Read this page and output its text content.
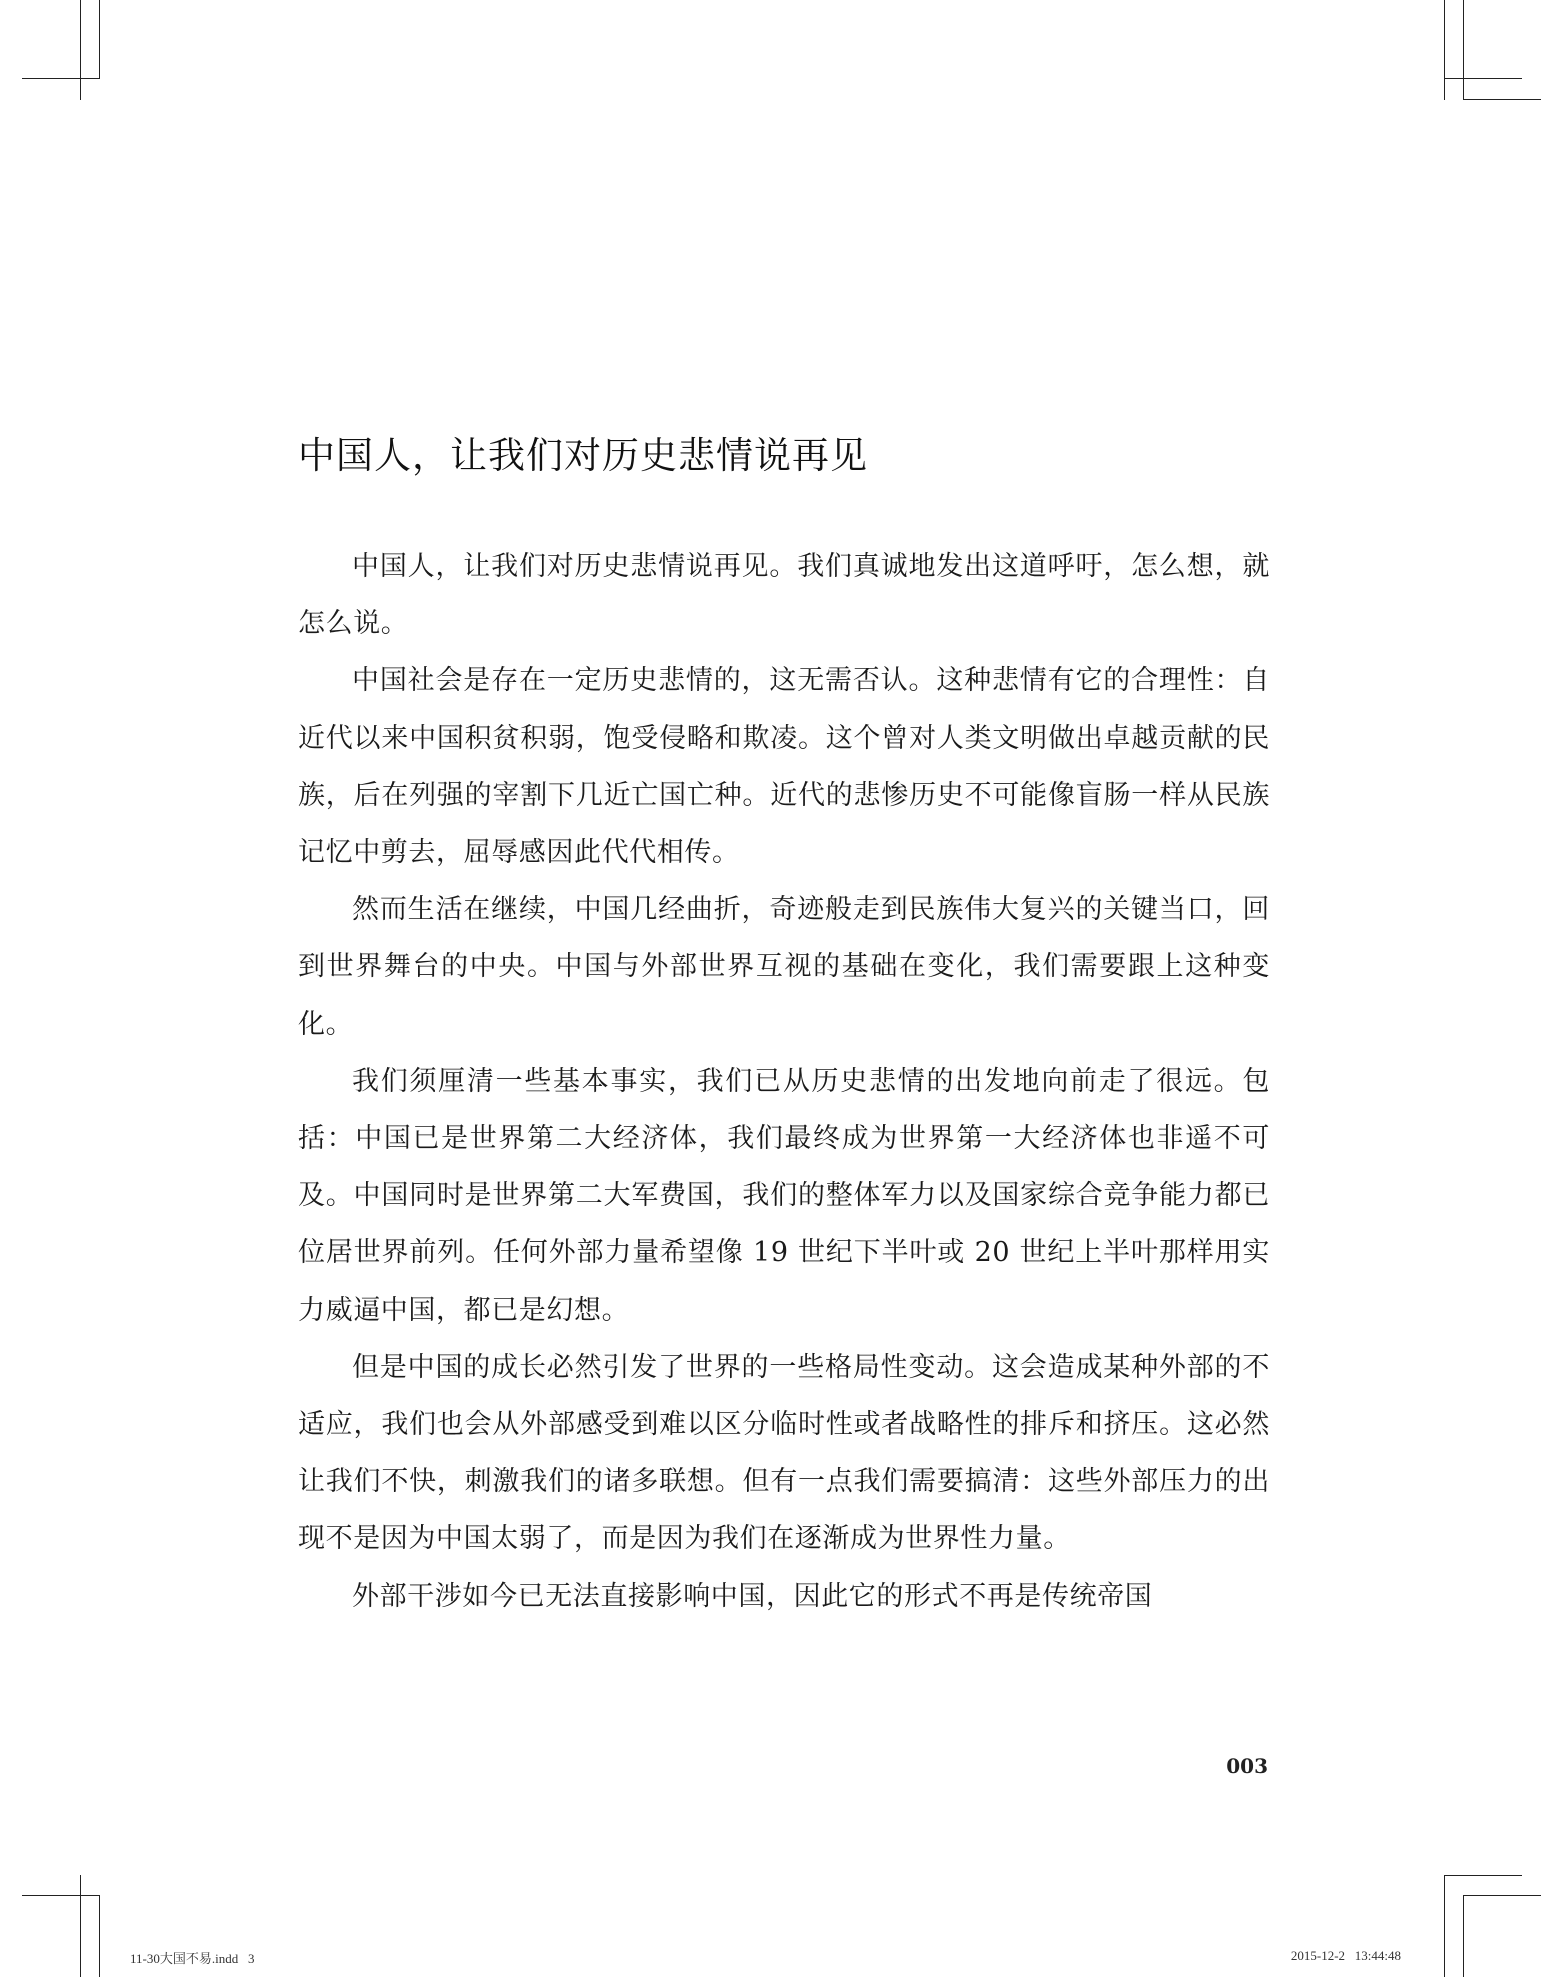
中国人，让我们对历史悲情说再见

中国人，让我们对历史悲情说再见。我们真诚地发出这道呼吁，怎么想，就怎么说。

中国社会是存在一定历史悲情的，这无需否认。这种悲情有它的合理性：自近代以来中国积贫积弱，饱受侵略和欺凌。这个曾对人类文明做出卓越贡献的民族，后在列强的宰割下几近亡国亡种。近代的悲惨历史不可能像盲肠一样从民族记忆中剪去，屈辱感因此代代相传。

然而生活在继续，中国几经曲折，奇迹般走到民族伟大复兴的关键当口，回到世界舞台的中央。中国与外部世界互视的基础在变化，我们需要跟上这种变化。

我们须厘清一些基本事实，我们已从历史悲情的出发地向前走了很远。包括：中国已是世界第二大经济体，我们最终成为世界第一大经济体也非遥不可及。中国同时是世界第二大军费国，我们的整体军力以及国家综合竞争能力都已位居世界前列。任何外部力量希望像 19 世纪下半叶或 20 世纪上半叶那样用实力威逼中国，都已是幻想。

但是中国的成长必然引发了世界的一些格局性变动。这会造成某种外部的不适应，我们也会从外部感受到难以区分临时性或者战略性的排斥和挤压。这必然让我们不快，刺激我们的诸多联想。但有一点我们需要搞清：这些外部压力的出现不是因为中国太弱了，而是因为我们在逐渐成为世界性力量。

外部干涉如今已无法直接影响中国，因此它的形式不再是传统帝国

003
11-30大国不易.indd   3	2015-12-2   13:44:48
